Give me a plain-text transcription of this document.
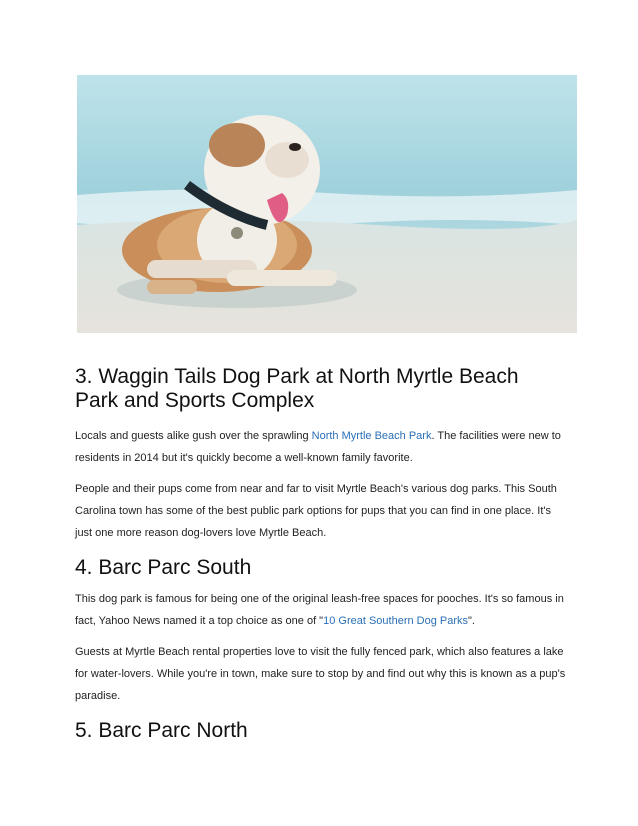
3. Waggin Tails Dog Park at North Myrtle Beach
Park and Sports Complex

Locals and guests alike gush over the sprawling North Myrtle Beach Park. The facilities were new to residents in 2014 but it's quickly become a well-known family favorite.

People and their pups come from near and far to visit Myrtle Beach's various dog parks. This South Carolina town has some of the best public park options for pups that you can find in one place. It's just one more reason dog-lovers love Myrtle Beach.

4. Barc Parc South

This dog park is famous for being one of the original leash-free spaces for pooches. It's so famous in fact, Yahoo News named it a top choice as one of "10 Great Southern Dog Parks".

Guests at Myrtle Beach rental properties love to visit the fully fenced park, which also features a lake for water-lovers. While you're in town, make sure to stop by and find out why this is known as a pup's paradise.

5. Barc Parc North
